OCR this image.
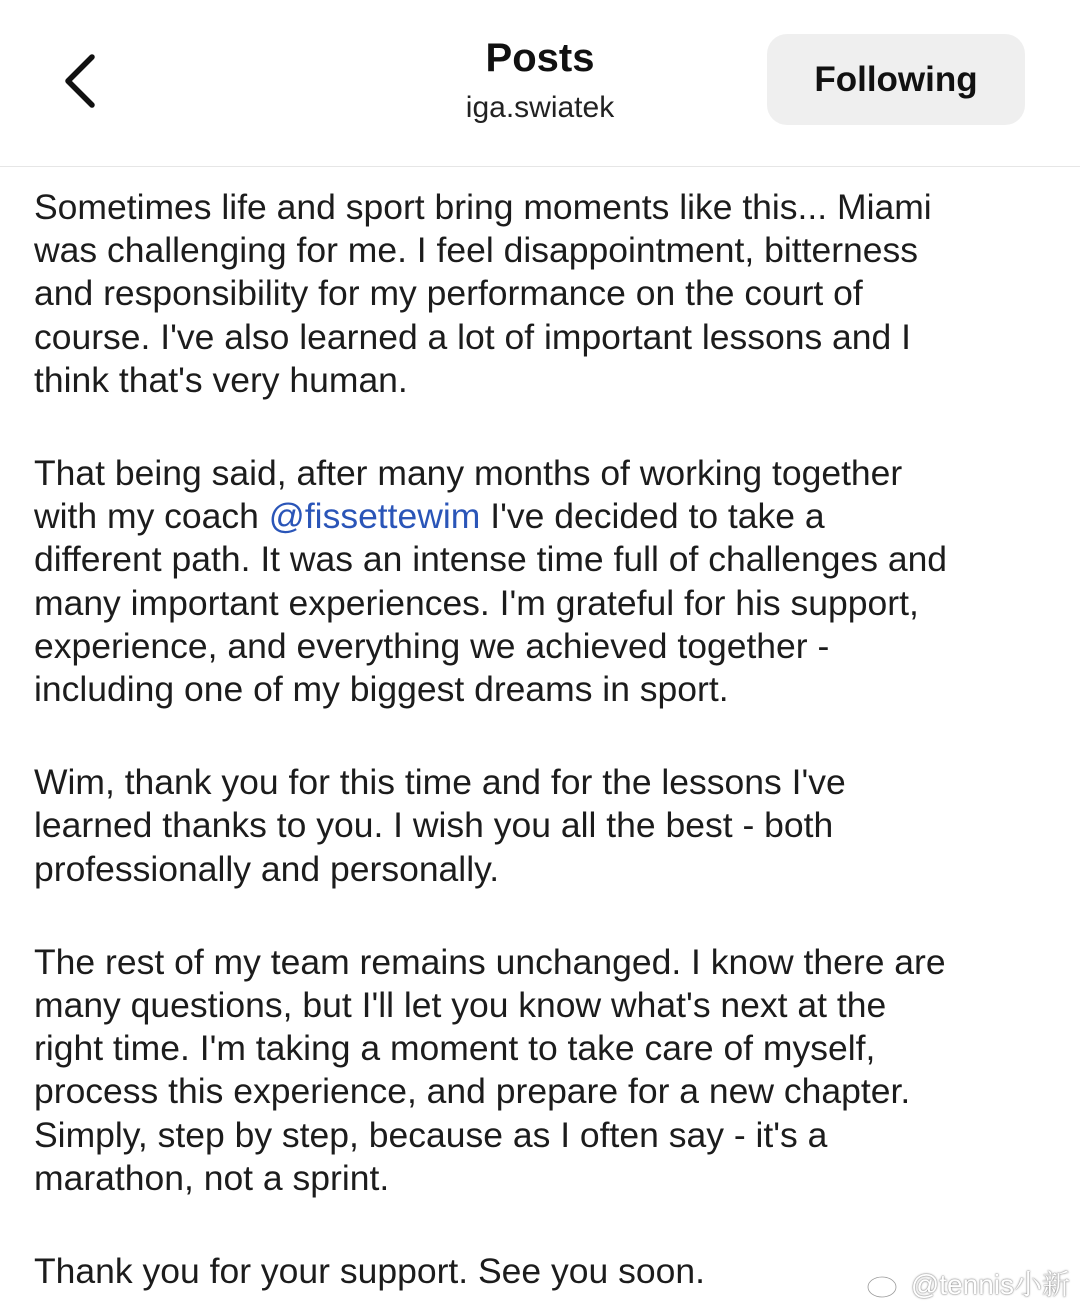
Posts
iga.swiatek
Following

Sometimes life and sport bring moments like this... Miami
was challenging for me. I feel disappointment, bitterness
and responsibility for my performance on the court of
course. I've also learned a lot of important lessons and I
think that's very human.

That being said, after many months of working together
with my coach @fissettewim I've decided to take a
different path. It was an intense time full of challenges and
many important experiences. I'm grateful for his support,
experience, and everything we achieved together -
including one of my biggest dreams in sport.

Wim, thank you for this time and for the lessons I've
learned thanks to you. I wish you all the best - both
professionally and personally.

The rest of my team remains unchanged. I know there are
many questions, but I'll let you know what's next at the
right time. I'm taking a moment to take care of myself,
process this experience, and prepare for a new chapter.
Simply, step by step, because as I often say - it's a
marathon, not a sprint.

Thank you for your support. See you soon.	@tennis小新
